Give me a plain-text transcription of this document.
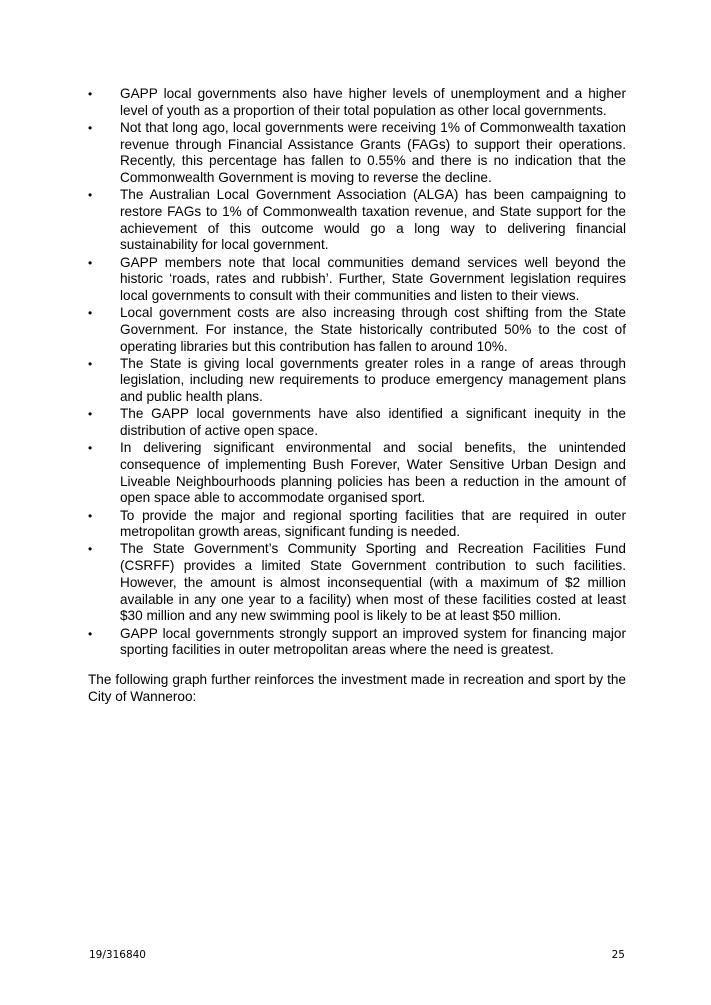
•	GAPP local governments also have higher levels of unemployment and a higher level of youth as a proportion of their total population as other local governments.
•	Not that long ago, local governments were receiving 1% of Commonwealth taxation revenue through Financial Assistance Grants (FAGs) to support their operations. Recently, this percentage has fallen to 0.55% and there is no indication that the Commonwealth Government is moving to reverse the decline.
•	The Australian Local Government Association (ALGA) has been campaigning to restore FAGs to 1% of Commonwealth taxation revenue, and State support for the achievement of this outcome would go a long way to delivering financial sustainability for local government.
•	GAPP members note that local communities demand services well beyond the historic ‘roads, rates and rubbish’. Further, State Government legislation requires local governments to consult with their communities and listen to their views.
•	Local government costs are also increasing through cost shifting from the State Government. For instance, the State historically contributed 50% to the cost of operating libraries but this contribution has fallen to around 10%.
•	The State is giving local governments greater roles in a range of areas through legislation, including new requirements to produce emergency management plans and public health plans.
•	The GAPP local governments have also identified a significant inequity in the distribution of active open space.
•	In delivering significant environmental and social benefits, the unintended consequence of implementing Bush Forever, Water Sensitive Urban Design and Liveable Neighbourhoods planning policies has been a reduction in the amount of open space able to accommodate organised sport.
•	To provide the major and regional sporting facilities that are required in outer metropolitan growth areas, significant funding is needed.
•	The State Government’s Community Sporting and Recreation Facilities Fund (CSRFF) provides a limited State Government contribution to such facilities. However, the amount is almost inconsequential (with a maximum of $2 million available in any one year to a facility) when most of these facilities costed at least $30 million and any new swimming pool is likely to be at least $50 million.
•	GAPP local governments strongly support an improved system for financing major sporting facilities in outer metropolitan areas where the need is greatest.

The following graph further reinforces the investment made in recreation and sport by the City of Wanneroo:

19/316840	25
